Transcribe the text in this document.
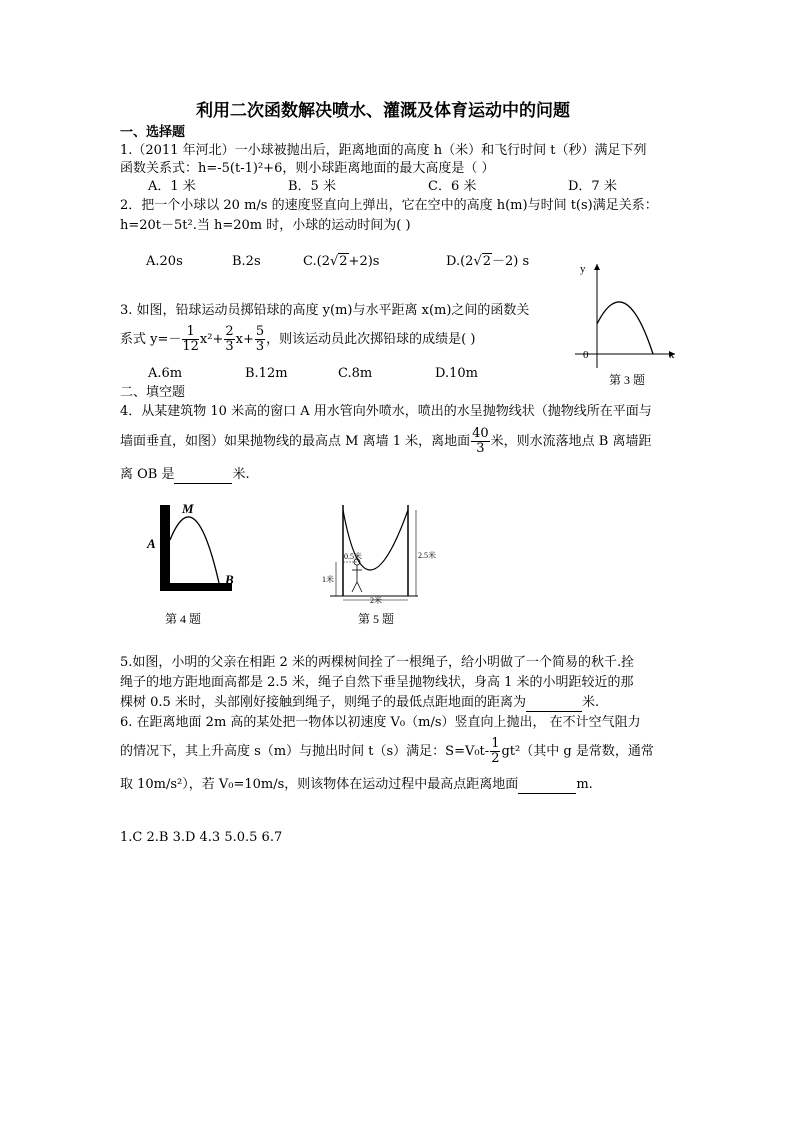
利用二次函数解决喷水、灌溉及体育运动中的问题
一、选择题
1.（2011 年河北）一小球被抛出后，距离地面的高度 h（米）和飞行时间 t（秒）满足下列
函数关系式：h=-5(t-1)²+6，则小球距离地面的最大高度是（ ）
A．1 米	B．5 米	C．6 米	D．7 米
2．把一个小球以 20 m/s 的速度竖直向上弹出，它在空中的高度 h(m)与时间 t(s)满足关系：
h=20t－5t².当 h=20m 时，小球的运动时间为( )
A.20s	B.2s	C.(2√2+2)s	D.(2√2－2) s
3. 如图，铅球运动员掷铅球的高度 y(m)与水平距离 x(m)之间的函数关
系式 $y=- \frac{1}{12} x^2+ \frac{2}{3} x+ \frac{5}{3}$ ，则该运动员此次掷铅球的成绩是( )
A.6m	B.12m	C.8m	D.10m
y
x
0
第 3 题
二、填空题
4．从某建筑物 10 米高的窗口 A 用水管向外喷水，喷出的水呈抛物线状（抛物线所在平面与
墙面垂直，如图）如果抛物线的最高点 M 离墙 1 米，离地面 $\frac{40}{3}$ 米，则水流落地点 B 离墙距
离 OB 是	米.
M
A
B
第 4 题
0.5米
1米
2.5米
2米
第 5 题
5.如图，小明的父亲在相距 2 米的两棵树间拴了一根绳子，给小明做了一个简易的秋千.拴
绳子的地方距地面高都是 2.5 米，绳子自然下垂呈抛物线状，身高 1 米的小明距较近的那
棵树 0.5 米时，头部刚好接触到绳子，则绳子的最低点距地面的距离为	米.
6. 在距离地面 2m 高的某处把一物体以初速度 V₀（m/s）竖直向上抛出， 在不计空气阻力
的情况下，其上升高度 s（m）与抛出时间 t（s）满足：$S=V_0t- \frac{1}{2} gt^2$（其中 g 是常数，通常
取 10m/s²），若 V₀=10m/s，则该物体在运动过程中最高点距离地面	m.
1.C 2.B 3.D 4.3 5.0.5 6.7
